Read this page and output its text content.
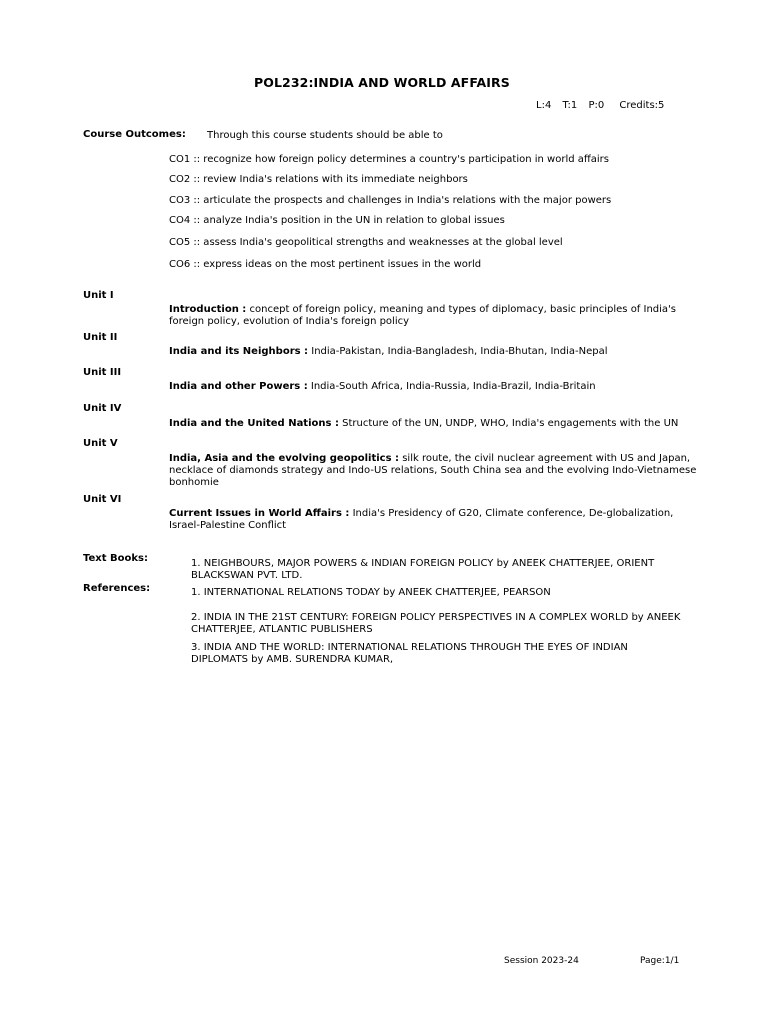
POL232:INDIA AND WORLD AFFAIRS
L:4 T:1 P:0 Credits:5
Course Outcomes: Through this course students should be able to
CO1 :: recognize how foreign policy determines a country's participation in world affairs
CO2 :: review India's relations with its immediate neighbors
CO3 :: articulate the prospects and challenges in India's relations with the major powers
CO4 :: analyze India's position in the UN in relation to global issues
CO5 :: assess India's geopolitical strengths and weaknesses at the global level
CO6 :: express ideas on the most pertinent issues in the world
Unit I
Introduction : concept of foreign policy, meaning and types of diplomacy, basic principles of India's foreign policy, evolution of India's foreign policy
Unit II
India and its Neighbors : India-Pakistan, India-Bangladesh, India-Bhutan, India-Nepal
Unit III
India and other Powers : India-South Africa, India-Russia, India-Brazil, India-Britain
Unit IV
India and the United Nations : Structure of the UN, UNDP, WHO, India's engagements with the UN
Unit V
India, Asia and the evolving geopolitics : silk route, the civil nuclear agreement with US and Japan, necklace of diamonds strategy and Indo-US relations, South China sea and the evolving Indo-Vietnamese bonhomie
Unit VI
Current Issues in World Affairs : India's Presidency of G20, Climate conference, De-globalization, Israel-Palestine Conflict
Text Books:	1. NEIGHBOURS, MAJOR POWERS & INDIAN FOREIGN POLICY by ANEEK CHATTERJEE, ORIENT BLACKSWAN PVT. LTD.
References:	1. INTERNATIONAL RELATIONS TODAY by ANEEK CHATTERJEE, PEARSON
2. INDIA IN THE 21ST CENTURY: FOREIGN POLICY PERSPECTIVES IN A COMPLEX WORLD by ANEEK CHATTERJEE, ATLANTIC PUBLISHERS
3. INDIA AND THE WORLD: INTERNATIONAL RELATIONS THROUGH THE EYES OF INDIAN DIPLOMATS by AMB. SURENDRA KUMAR,
Session 2023-24	Page:1/1
